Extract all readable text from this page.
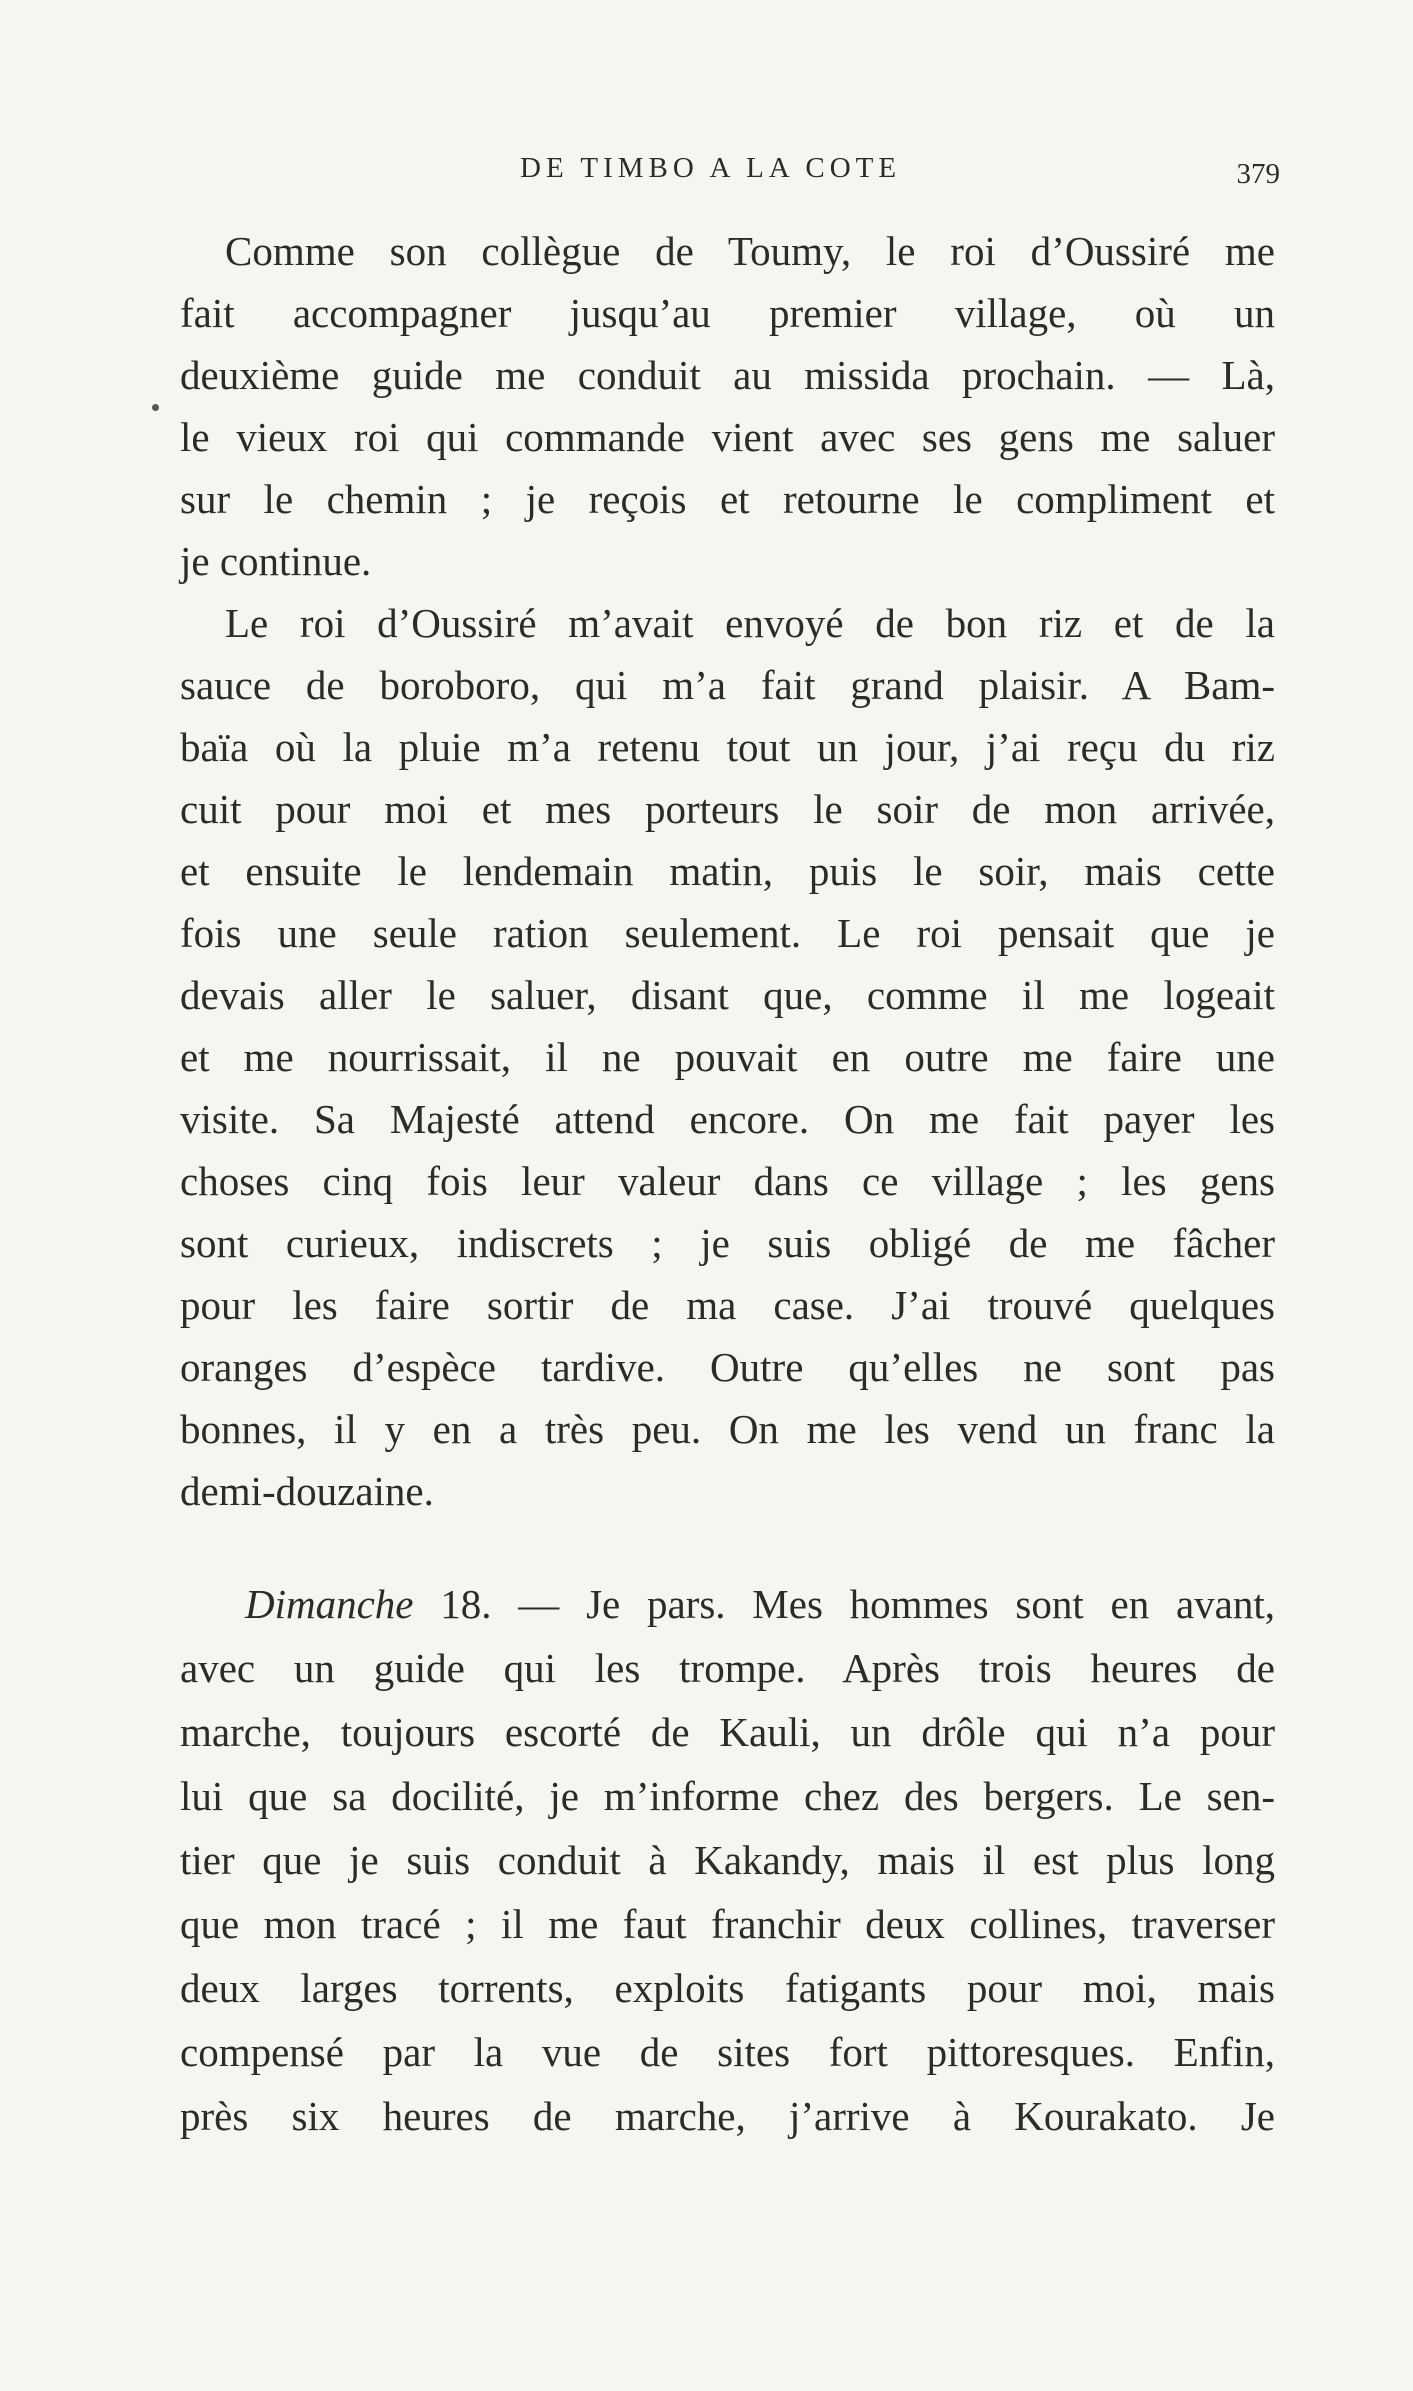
DE TIMBO A LA COTE	379
Comme son collègue de Toumy, le roi d’Oussiré me
fait accompagner jusqu’au premier village, où un
deuxième guide me conduit au missida prochain. — Là,
le vieux roi qui commande vient avec ses gens me saluer
sur le chemin ; je reçois et retourne le compliment et
je continue.
Le roi d’Oussiré m’avait envoyé de bon riz et de la
sauce de boroboro, qui m’a fait grand plaisir. A Bam-
baïa où la pluie m’a retenu tout un jour, j’ai reçu du riz
cuit pour moi et mes porteurs le soir de mon arrivée,
et ensuite le lendemain matin, puis le soir, mais cette
fois une seule ration seulement. Le roi pensait que je
devais aller le saluer, disant que, comme il me logeait
et me nourrissait, il ne pouvait en outre me faire une
visite. Sa Majesté attend encore. On me fait payer les
choses cinq fois leur valeur dans ce village ; les gens
sont curieux, indiscrets ; je suis obligé de me fâcher
pour les faire sortir de ma case. J’ai trouvé quelques
oranges d’espèce tardive. Outre qu’elles ne sont pas
bonnes, il y en a très peu. On me les vend un franc la
demi-douzaine.
Dimanche 18. — Je pars. Mes hommes sont en avant,
avec un guide qui les trompe. Après trois heures de
marche, toujours escorté de Kauli, un drôle qui n’a pour
lui que sa docilité, je m’informe chez des bergers. Le sen-
tier que je suis conduit à Kakandy, mais il est plus long
que mon tracé ; il me faut franchir deux collines, traverser
deux larges torrents, exploits fatigants pour moi, mais
compensé par la vue de sites fort pittoresques. Enfin,
près six heures de marche, j’arrive à Kourakato. Je
